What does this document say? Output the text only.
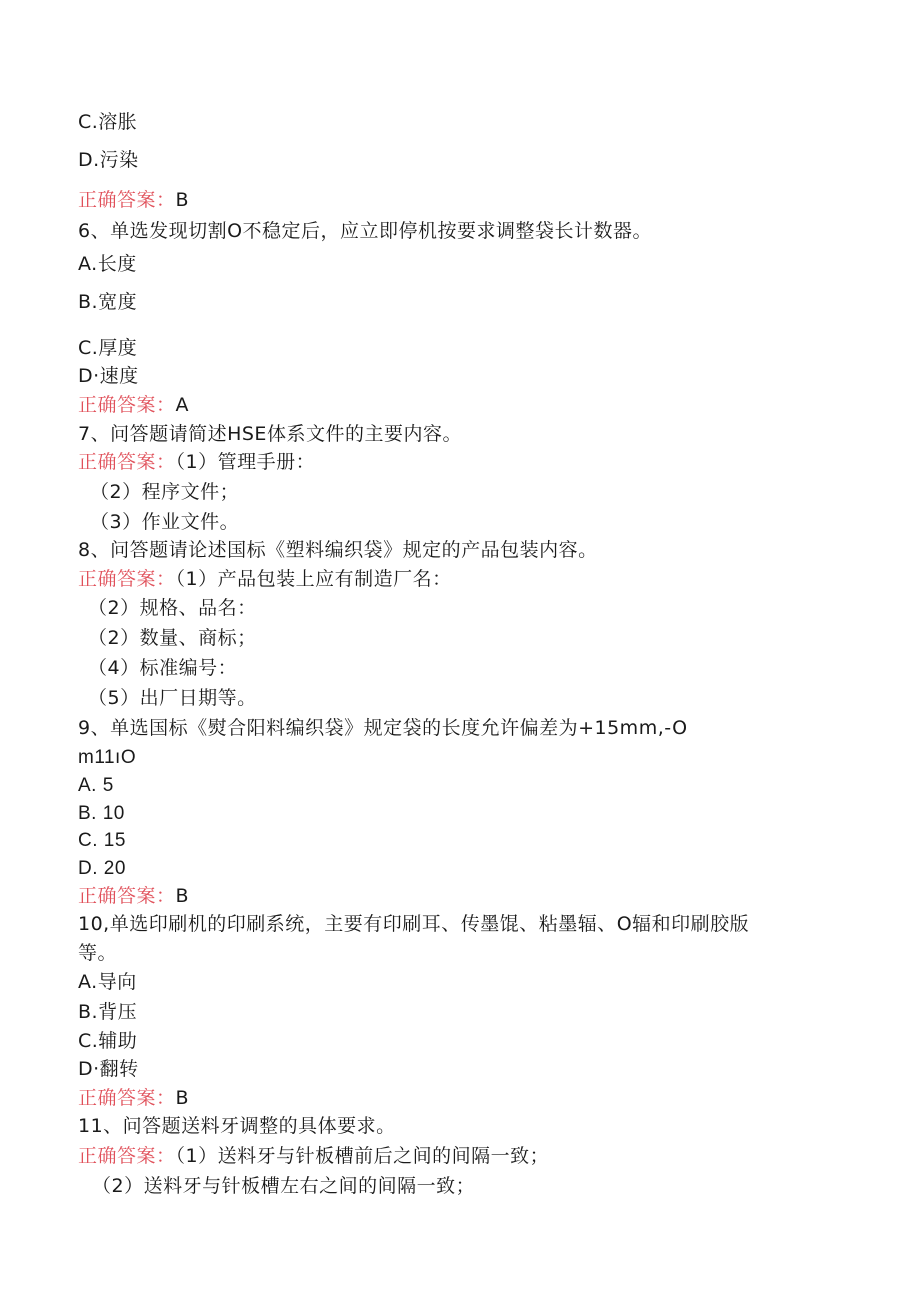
C.溶胀
D.污染
正确答案：B
6、单选发现切割O不稳定后，应立即停机按要求调整袋长计数器。
A.长度
B.宽度
C.厚度
D·速度
正确答案：A
7、问答题请简述HSE体系文件的主要内容。
正确答案：（1）管理手册：
（2）程序文件；
（3）作业文件。
8、问答题请论述国标《塑料编织袋》规定的产品包装内容。
正确答案：（1）产品包装上应有制造厂名：
（2）规格、品名：
（2）数量、商标；
（4）标准编号：
（5）出厂日期等。
9、单选国标《熨合阳料编织袋》规定袋的长度允许偏差为+15mm,-O
m11ıO
A. 5
B. 10
C. 15
D. 20
正确答案：B
10,单选印刷机的印刷系统，主要有印刷耳、传墨馄、粘墨辐、O辐和印刷胶版
等。
A.导向
B.背压
C.辅助
D·翻转
正确答案：B
11、问答题送料牙调整的具体要求。
正确答案：（1）送料牙与针板槽前后之间的间隔一致；
（2）送料牙与针板槽左右之间的间隔一致；
